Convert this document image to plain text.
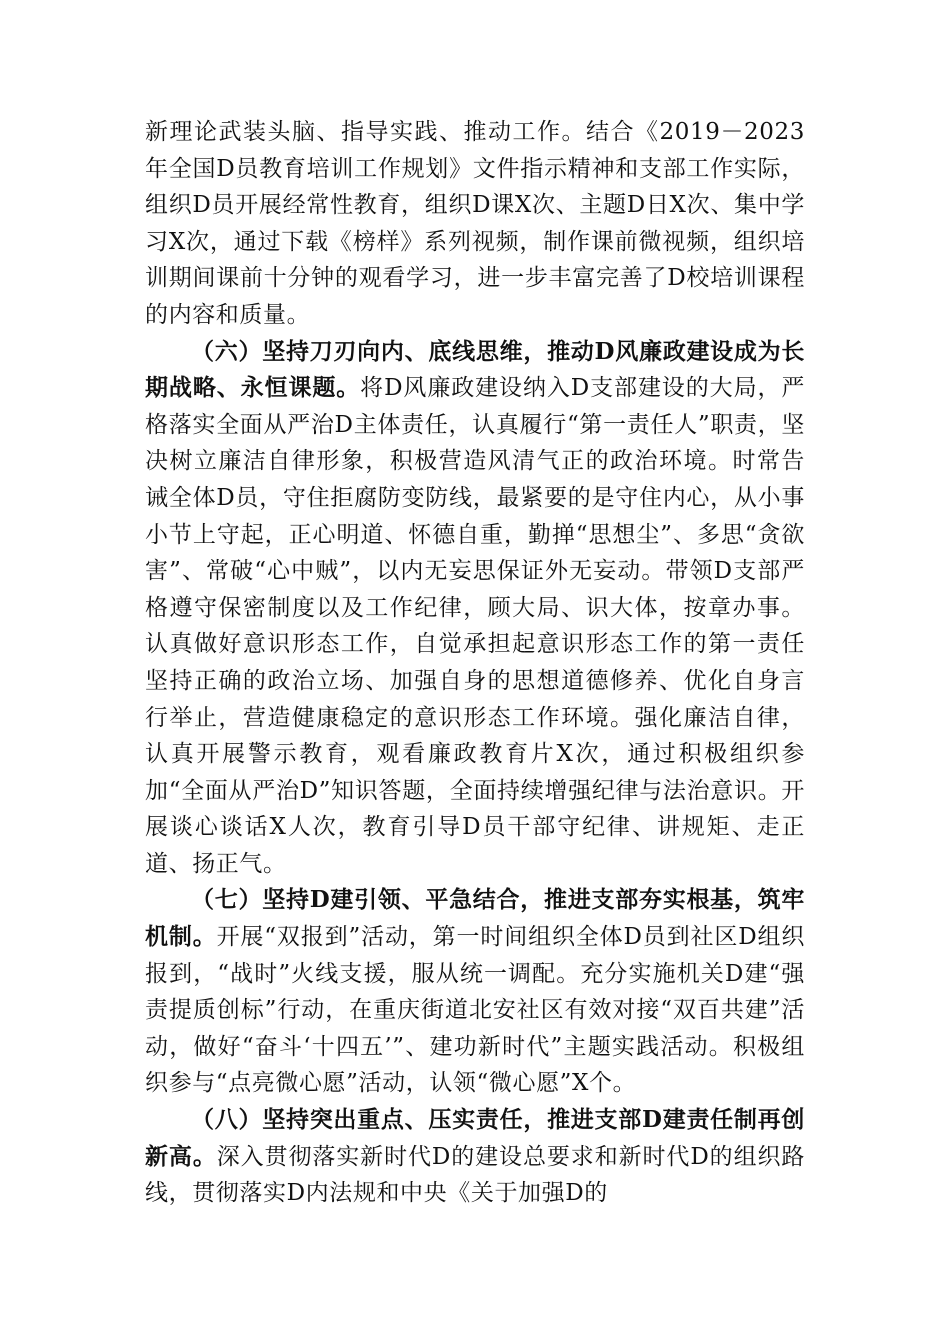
新理论武装头脑、指导实践、推动工作。结合《2019－2023年全国D员教育培训工作规划》文件指示精神和支部工作实际，组织D员开展经常性教育，组织D课X次、主题D日X次、集中学习X次，通过下载《榜样》系列视频，制作课前微视频，组织培训期间课前十分钟的观看学习，进一步丰富完善了D校培训课程的内容和质量。

（六）坚持刀刃向内、底线思维，推动D风廉政建设成为长期战略、永恒课题。将D风廉政建设纳入D支部建设的大局，严格落实全面从严治D主体责任，认真履行“第一责任人”职责，坚决树立廉洁自律形象，积极营造风清气正的政治环境。时常告诫全体D员，守住拒腐防变防线，最紧要的是守住内心，从小事小节上守起，正心明道、怀德自重，勤掸“思想尘”、多思“贪欲害”、常破“心中贼”，以内无妄思保证外无妄动。带领D支部严格遵守保密制度以及工作纪律，顾大局、识大体，按章办事。认真做好意识形态工作，自觉承担起意识形态工作的第一责任坚持正确的政治立场、加强自身的思想道德修养、优化自身言行举止，营造健康稳定的意识形态工作环境。强化廉洁自律，认真开展警示教育，观看廉政教育片X次，通过积极组织参加“全面从严治D”知识答题，全面持续增强纪律与法治意识。开展谈心谈话X人次，教育引导D员干部守纪律、讲规矩、走正道、扬正气。

（七）坚持D建引领、平急结合，推进支部夯实根基，筑牢机制。开展“双报到”活动，第一时间组织全体D员到社区D组织报到，“战时”火线支援，服从统一调配。充分实施机关D建“强责提质创标”行动，在重庆街道北安社区有效对接“双百共建”活动，做好“奋斗‘十四五’”、建功新时代”主题实践活动。积极组织参与“点亮微心愿”活动，认领“微心愿”X个。

（八）坚持突出重点、压实责任，推进支部D建责任制再创新高。深入贯彻落实新时代D的建设总要求和新时代D的组织路线，贯彻落实D内法规和中央《关于加强D的
